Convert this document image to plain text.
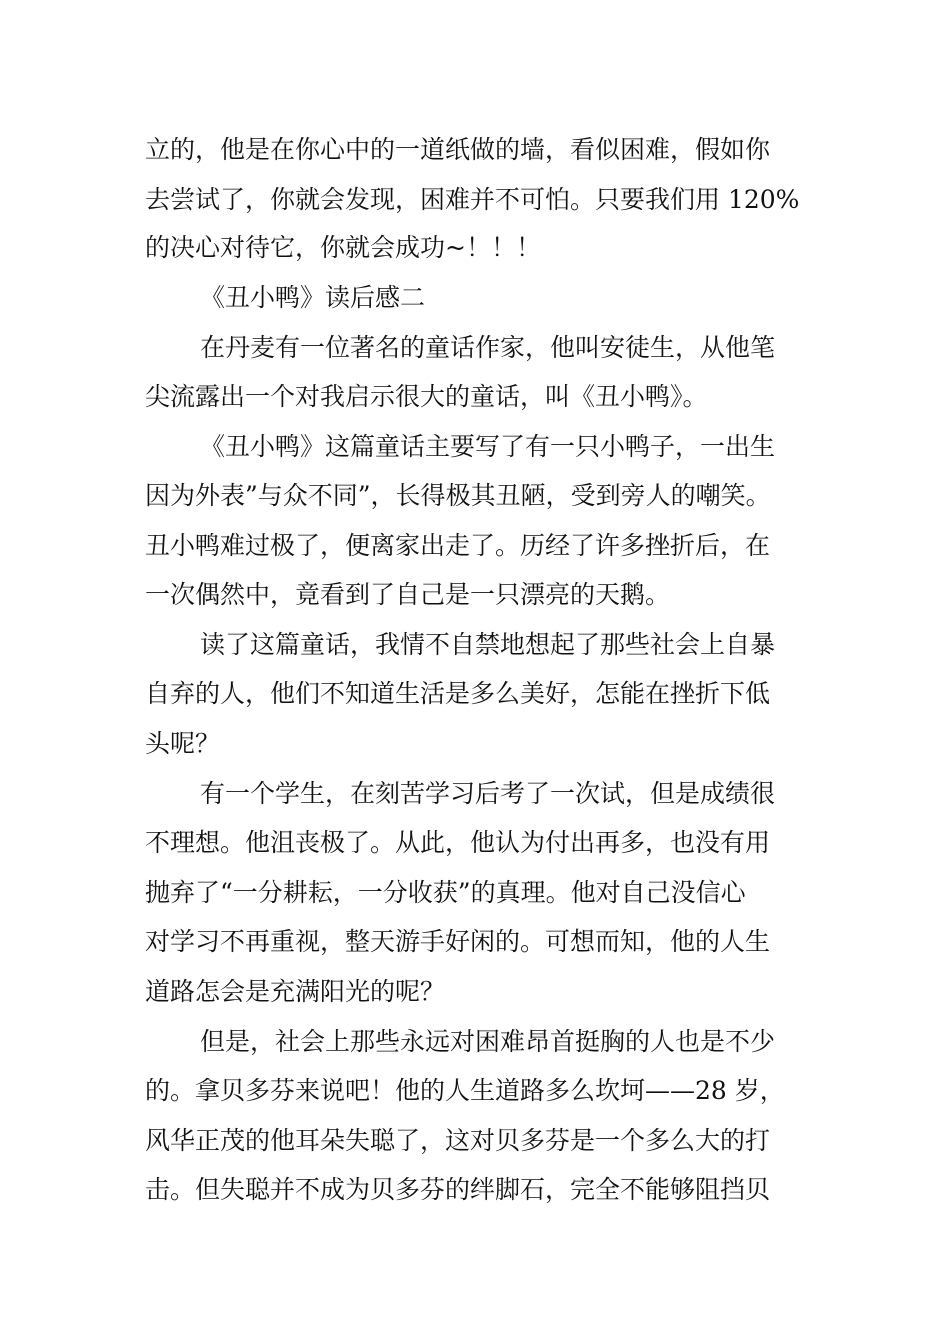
立的，他是在你心中的一道纸做的墙，看似困难，假如你
去尝试了，你就会发现，困难并不可怕。只要我们用 120%
的决心对待它，你就会成功~！！！
《丑小鸭》读后感二
在丹麦有一位著名的童话作家，他叫安徒生，从他笔
尖流露出一个对我启示很大的童话，叫《丑小鸭》。
《丑小鸭》这篇童话主要写了有一只小鸭子，一出生
因为外表”与众不同”，长得极其丑陋，受到旁人的嘲笑。
丑小鸭难过极了，便离家出走了。历经了许多挫折后，在
一次偶然中，竟看到了自己是一只漂亮的天鹅。
读了这篇童话，我情不自禁地想起了那些社会上自暴
自弃的人，他们不知道生活是多么美好，怎能在挫折下低
头呢？
有一个学生，在刻苦学习后考了一次试，但是成绩很
不理想。他沮丧极了。从此，他认为付出再多，也没有用
抛弃了“一分耕耘，一分收获”的真理。他对自己没信心
对学习不再重视，整天游手好闲的。可想而知，他的人生
道路怎会是充满阳光的呢？
但是，社会上那些永远对困难昂首挺胸的人也是不少
的。拿贝多芬来说吧！他的人生道路多么坎坷——28 岁，
风华正茂的他耳朵失聪了，这对贝多芬是一个多么大的打
击。但失聪并不成为贝多芬的绊脚石，完全不能够阻挡贝
